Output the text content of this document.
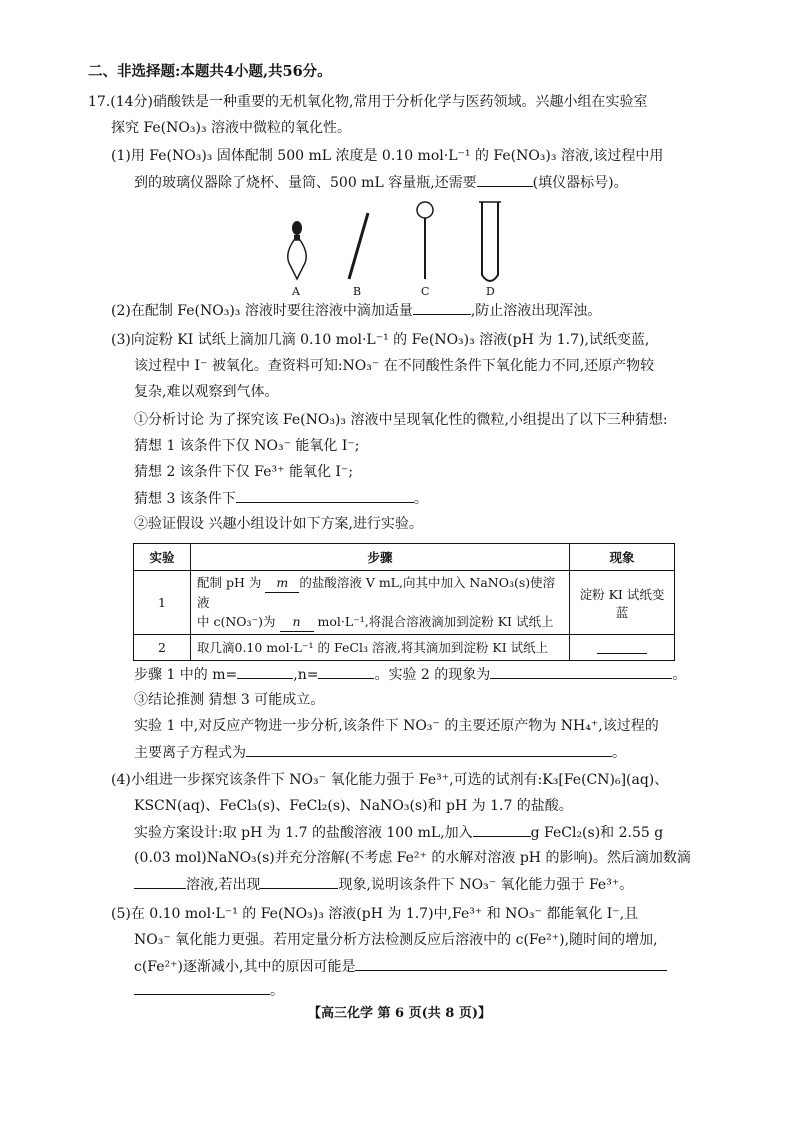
二、非选择题:本题共4小题,共56分。
17.(14分)硝酸铁是一种重要的无机氧化物,常用于分析化学与医药领域。兴趣小组在实验室
探究 Fe(NO₃)₃ 溶液中微粒的氧化性。
(1)用 Fe(NO₃)₃ 固体配制 500 mL 浓度是 0.10 mol·L⁻¹ 的 Fe(NO₃)₃ 溶液,该过程中用
到的玻璃仪器除了烧杯、量筒、500 mL 容量瓶,还需要	(填仪器标号)。
A	B	C	D
(2)在配制 Fe(NO₃)₃ 溶液时要往溶液中滴加适量	,防止溶液出现浑浊。
(3)向淀粉 KI 试纸上滴加几滴 0.10 mol·L⁻¹ 的 Fe(NO₃)₃ 溶液(pH 为 1.7),试纸变蓝,
该过程中 I⁻ 被氧化。查资料可知:NO₃⁻ 在不同酸性条件下氧化能力不同,还原产物较
复杂,难以观察到气体。
①分析讨论 为了探究该 Fe(NO₃)₃ 溶液中呈现氧化性的微粒,小组提出了以下三种猜想:
猜想 1 该条件下仅 NO₃⁻ 能氧化 I⁻;
猜想 2 该条件下仅 Fe³⁺ 能氧化 I⁻;
猜想 3 该条件下	。
②验证假设 兴趣小组设计如下方案,进行实验。
实验	步骤	现象
1	配制 pH 为 m 的盐酸溶液 V mL,向其中加入 NaNO₃(s)使溶液
中 c(NO₃⁻)为 n mol·L⁻¹,将混合溶液滴加到淀粉 KI 试纸上	淀粉 KI 试纸变蓝
2	取几滴0.10 mol·L⁻¹ 的 FeCl₃ 溶液,将其滴加到淀粉 KI 试纸上	
步骤 1 中的 m=	,n=	。实验 2 的现象为	。
③结论推测 猜想 3 可能成立。
实验 1 中,对反应产物进一步分析,该条件下 NO₃⁻ 的主要还原产物为 NH₄⁺,该过程的
主要离子方程式为	。
(4)小组进一步探究该条件下 NO₃⁻ 氧化能力强于 Fe³⁺,可选的试剂有:K₃[Fe(CN)₆](aq)、
KSCN(aq)、FeCl₃(s)、FeCl₂(s)、NaNO₃(s)和 pH 为 1.7 的盐酸。
实验方案设计:取 pH 为 1.7 的盐酸溶液 100 mL,加入	g FeCl₂(s)和 2.55 g
(0.03 mol)NaNO₃(s)并充分溶解(不考虑 Fe²⁺ 的水解对溶液 pH 的影响)。然后滴加数滴
溶液,若出现	现象,说明该条件下 NO₃⁻ 氧化能力强于 Fe³⁺。
(5)在 0.10 mol·L⁻¹ 的 Fe(NO₃)₃ 溶液(pH 为 1.7)中,Fe³⁺ 和 NO₃⁻ 都能氧化 I⁻,且
NO₃⁻ 氧化能力更强。若用定量分析方法检测反应后溶液中的 c(Fe²⁺),随时间的增加,
c(Fe²⁺)逐渐减小,其中的原因可能是
。
【高三化学 第 6 页(共 8 页)】
